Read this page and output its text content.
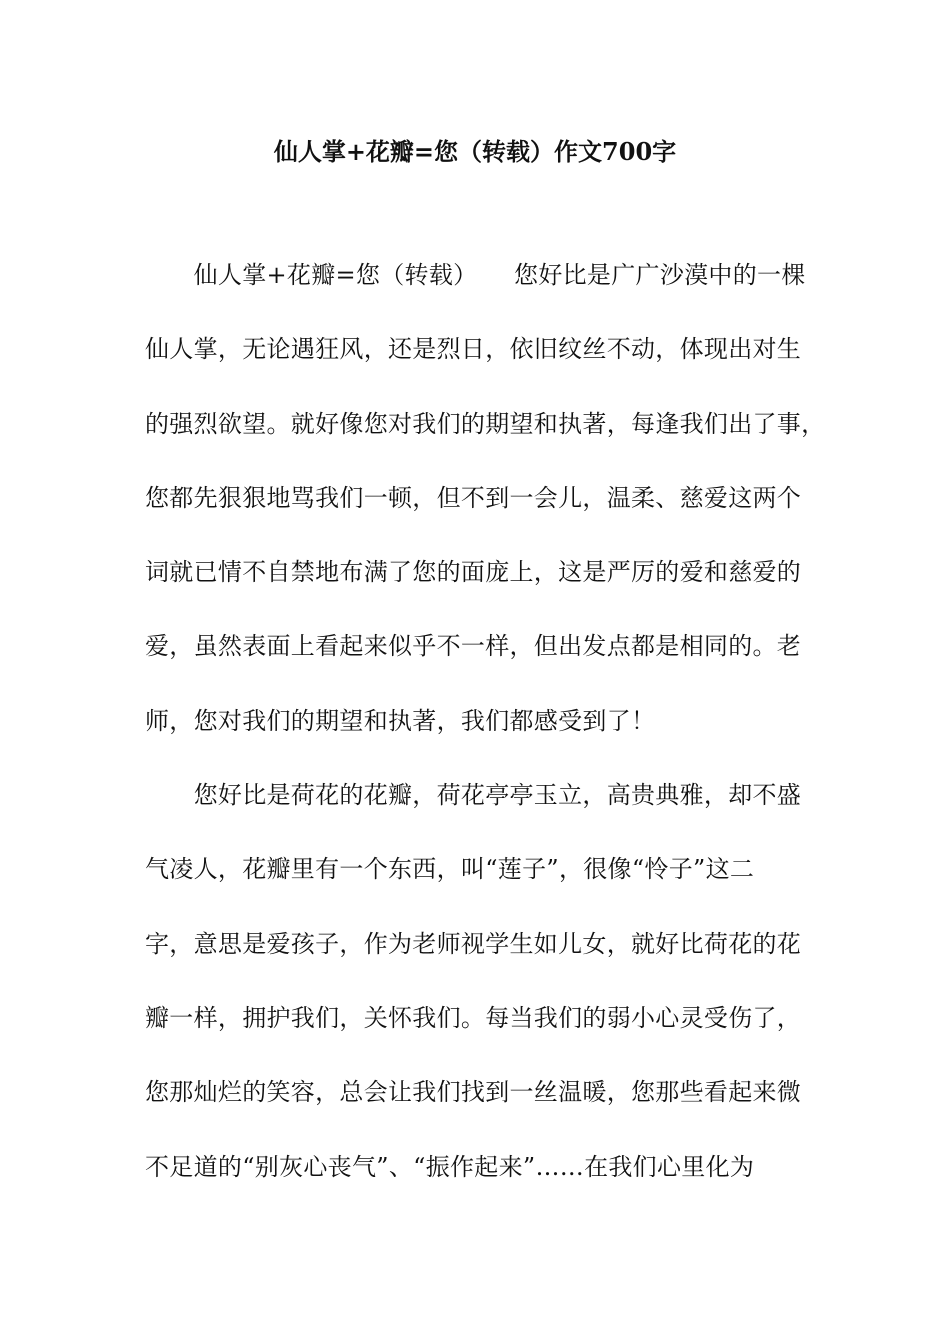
仙人掌+花瓣=您（转载）作文700字
　　仙人掌+花瓣=您（转载）　　您好比是广广沙漠中的一棵
仙人掌，无论遇狂风，还是烈日，依旧纹丝不动，体现出对生
的强烈欲望。就好像您对我们的期望和执著，每逢我们出了事，
您都先狠狠地骂我们一顿，但不到一会儿，温柔、慈爱这两个
词就已情不自禁地布满了您的面庞上，这是严厉的爱和慈爱的
爱，虽然表面上看起来似乎不一样，但出发点都是相同的。老
师，您对我们的期望和执著，我们都感受到了！
　　您好比是荷花的花瓣，荷花亭亭玉立，高贵典雅，却不盛
气凌人，花瓣里有一个东西，叫“莲子”，很像“怜子”这二
字，意思是爱孩子，作为老师视学生如儿女，就好比荷花的花
瓣一样，拥护我们，关怀我们。每当我们的弱小心灵受伤了，
您那灿烂的笑容，总会让我们找到一丝温暖，您那些看起来微
不足道的“别灰心丧气”、“振作起来”……在我们心里化为
